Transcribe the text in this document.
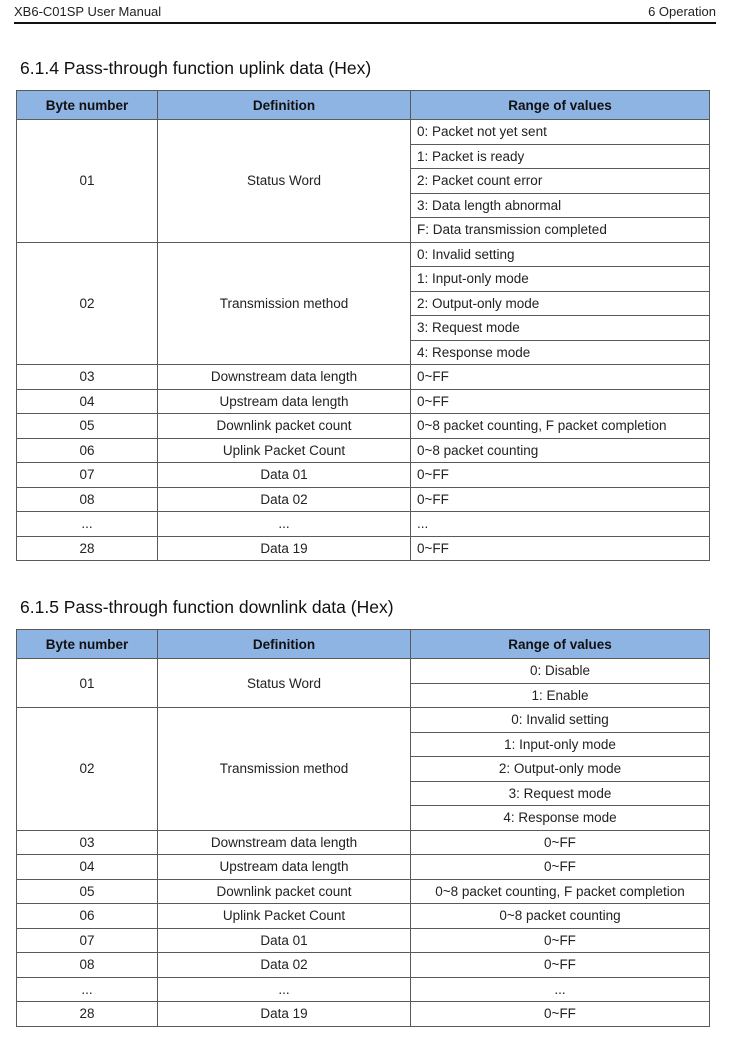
XB6-C01SP User Manual	6 Operation
6.1.4 Pass-through function uplink data (Hex)
Byte number	Definition	Range of values
01	Status Word	0: Packet not yet sent
		1: Packet is ready
		2: Packet count error
		3: Data length abnormal
		F: Data transmission completed
02	Transmission method	0: Invalid setting
		1: Input-only mode
		2: Output-only mode
		3: Request mode
		4: Response mode
03	Downstream data length	0~FF
04	Upstream data length	0~FF
05	Downlink packet count	0~8 packet counting, F packet completion
06	Uplink Packet Count	0~8 packet counting
07	Data 01	0~FF
08	Data 02	0~FF
...	...	...
28	Data 19	0~FF
6.1.5 Pass-through function downlink data (Hex)
Byte number	Definition	Range of values
01	Status Word	0: Disable
		1: Enable
02	Transmission method	0: Invalid setting
		1: Input-only mode
		2: Output-only mode
		3: Request mode
		4: Response mode
03	Downstream data length	0~FF
04	Upstream data length	0~FF
05	Downlink packet count	0~8 packet counting, F packet completion
06	Uplink Packet Count	0~8 packet counting
07	Data 01	0~FF
08	Data 02	0~FF
...	...	...
28	Data 19	0~FF
